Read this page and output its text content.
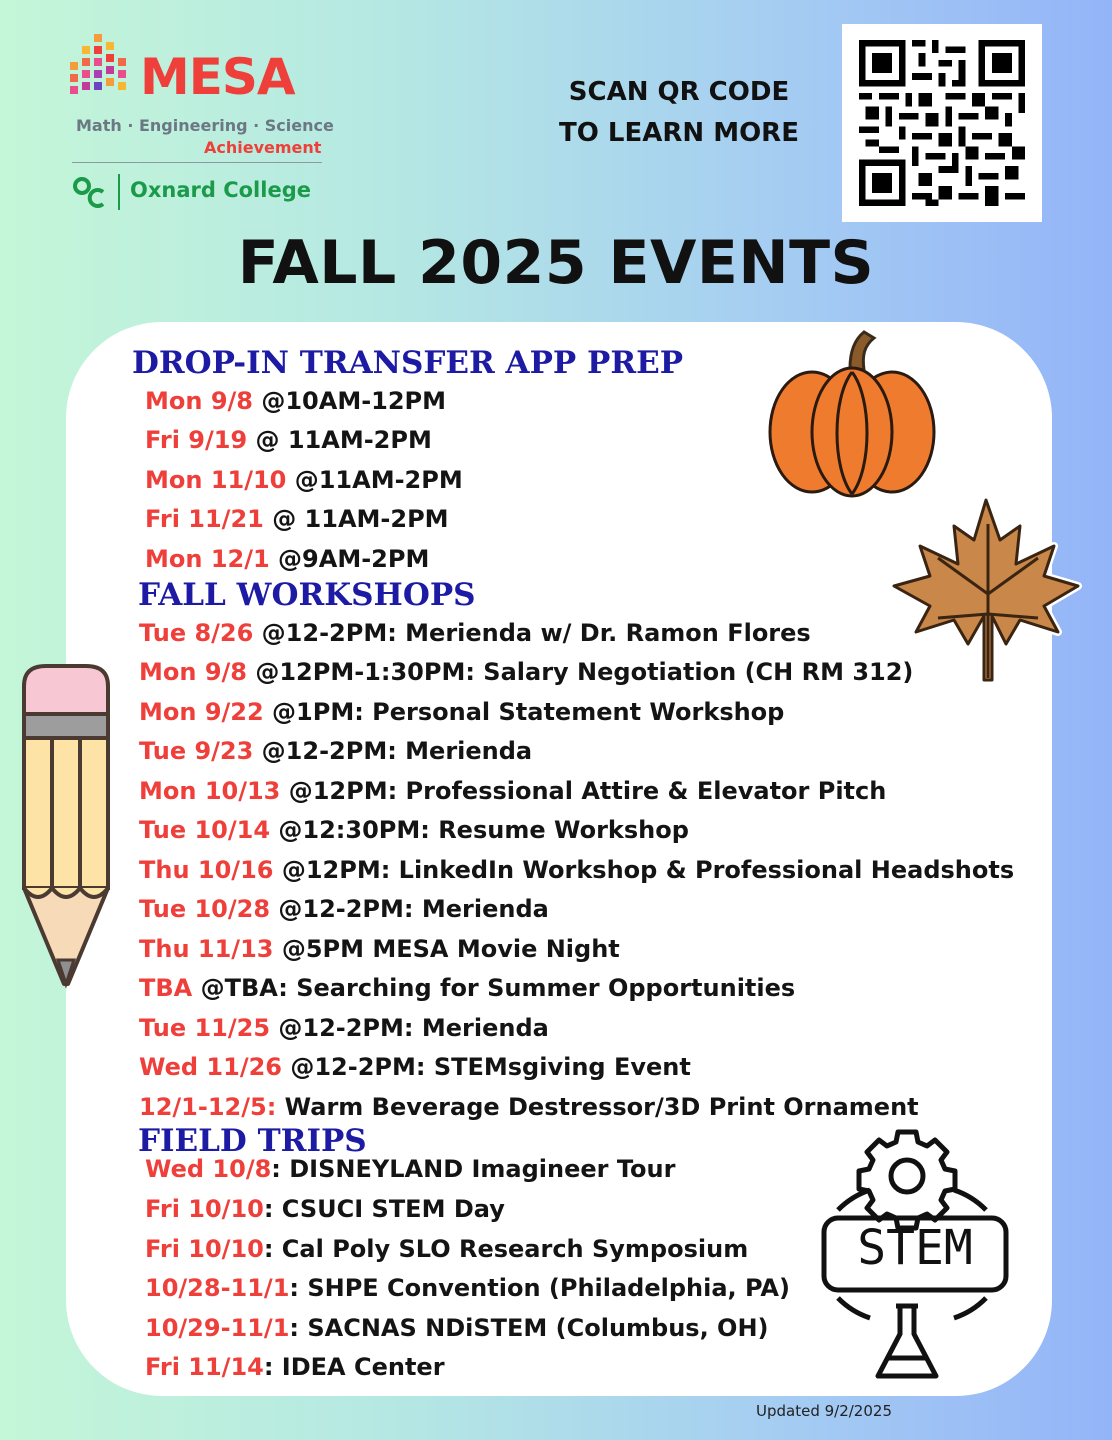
MESA
Math · Engineering · Science
Achievement
Oxnard College
SCAN QR CODE
TO LEARN MORE
FALL 2025 EVENTS
DROP-IN TRANSFER APP PREP
Mon 9/8 @10AM-12PM
Fri 9/19 @ 11AM-2PM
Mon 11/10 @11AM-2PM
Fri 11/21 @ 11AM-2PM
Mon 12/1 @9AM-2PM
FALL WORKSHOPS
Tue 8/26 @12-2PM: Merienda w/ Dr. Ramon Flores
Mon 9/8 @12PM-1:30PM: Salary Negotiation (CH RM 312)
Mon 9/22 @1PM: Personal Statement Workshop
Tue 9/23 @12-2PM: Merienda
Mon 10/13 @12PM: Professional Attire & Elevator Pitch
Tue 10/14 @12:30PM: Resume Workshop
Thu 10/16 @12PM: LinkedIn Workshop & Professional Headshots
Tue 10/28 @12-2PM: Merienda
Thu 11/13 @5PM MESA Movie Night
TBA @TBA: Searching for Summer Opportunities
Tue 11/25 @12-2PM: Merienda
Wed 11/26 @12-2PM: STEMsgiving Event
12/1-12/5: Warm Beverage Destressor/3D Print Ornament
FIELD TRIPS
Wed 10/8: DISNEYLAND Imagineer Tour
Fri 10/10: CSUCI STEM Day
Fri 10/10: Cal Poly SLO Research Symposium
10/28-11/1: SHPE Convention (Philadelphia, PA)
10/29-11/1: SACNAS NDiSTEM (Columbus, OH)
Fri 11/14: IDEA Center
STEM
Updated 9/2/2025
